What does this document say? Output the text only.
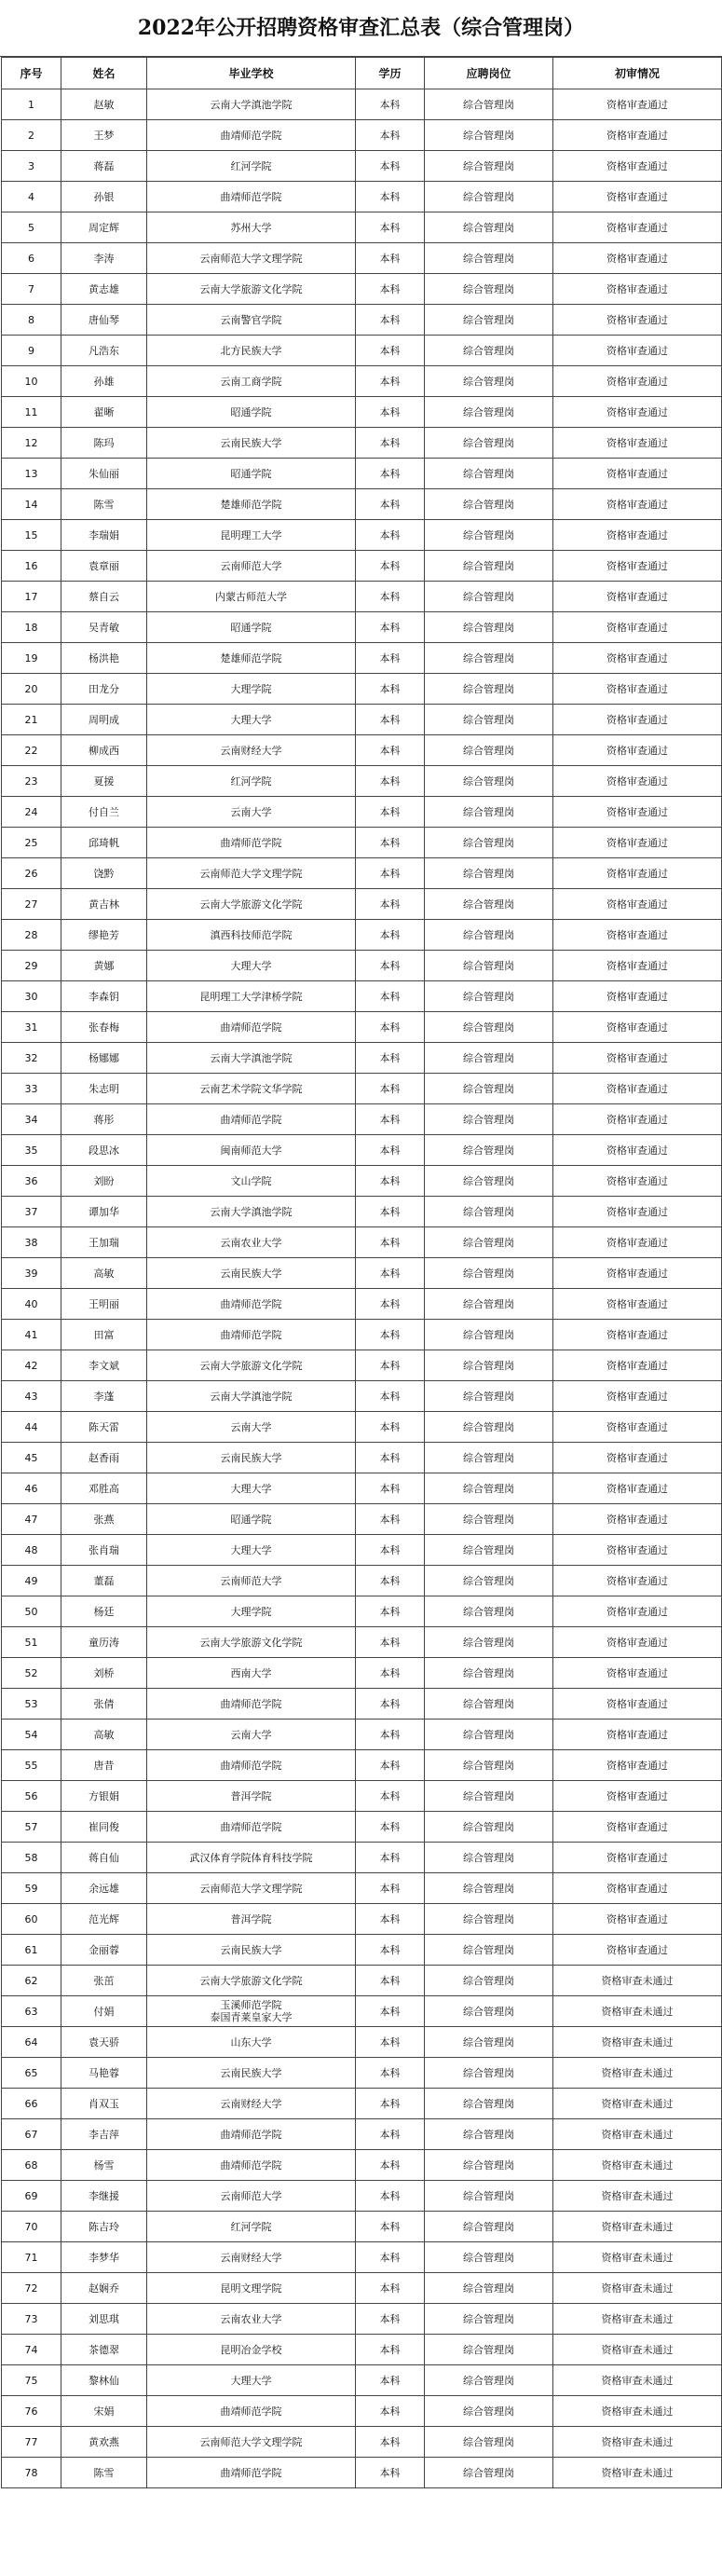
2022年公开招聘资格审查汇总表（综合管理岗）
序号	姓名	毕业学校	学历	应聘岗位	初审情况
1	赵敏	云南大学滇池学院	本科	综合管理岗	资格审查通过
2	王梦	曲靖师范学院	本科	综合管理岗	资格审查通过
3	蒋磊	红河学院	本科	综合管理岗	资格审查通过
4	孙银	曲靖师范学院	本科	综合管理岗	资格审查通过
5	周定辉	苏州大学	本科	综合管理岗	资格审查通过
6	李涛	云南师范大学文理学院	本科	综合管理岗	资格审查通过
7	黄志雄	云南大学旅游文化学院	本科	综合管理岗	资格审查通过
8	唐仙琴	云南警官学院	本科	综合管理岗	资格审查通过
9	凡浩东	北方民族大学	本科	综合管理岗	资格审查通过
10	孙雄	云南工商学院	本科	综合管理岗	资格审查通过
11	翟晰	昭通学院	本科	综合管理岗	资格审查通过
12	陈玛	云南民族大学	本科	综合管理岗	资格审查通过
13	朱仙丽	昭通学院	本科	综合管理岗	资格审查通过
14	陈雪	楚雄师范学院	本科	综合管理岗	资格审查通过
15	李瑞娟	昆明理工大学	本科	综合管理岗	资格审查通过
16	袁章丽	云南师范大学	本科	综合管理岗	资格审查通过
17	蔡自云	内蒙古师范大学	本科	综合管理岗	资格审查通过
18	吴青敏	昭通学院	本科	综合管理岗	资格审查通过
19	杨洪艳	楚雄师范学院	本科	综合管理岗	资格审查通过
20	田龙分	大理学院	本科	综合管理岗	资格审查通过
21	周明成	大理大学	本科	综合管理岗	资格审查通过
22	柳成西	云南财经大学	本科	综合管理岗	资格审查通过
23	夏援	红河学院	本科	综合管理岗	资格审查通过
24	付自兰	云南大学	本科	综合管理岗	资格审查通过
25	邱琦帆	曲靖师范学院	本科	综合管理岗	资格审查通过
26	饶黔	云南师范大学文理学院	本科	综合管理岗	资格审查通过
27	黄吉林	云南大学旅游文化学院	本科	综合管理岗	资格审查通过
28	缪艳芳	滇西科技师范学院	本科	综合管理岗	资格审查通过
29	黄娜	大理大学	本科	综合管理岗	资格审查通过
30	李森钥	昆明理工大学津桥学院	本科	综合管理岗	资格审查通过
31	张春梅	曲靖师范学院	本科	综合管理岗	资格审查通过
32	杨娜娜	云南大学滇池学院	本科	综合管理岗	资格审查通过
33	朱志明	云南艺术学院文华学院	本科	综合管理岗	资格审查通过
34	蒋彤	曲靖师范学院	本科	综合管理岗	资格审查通过
35	段思冰	闽南师范大学	本科	综合管理岗	资格审查通过
36	刘盼	文山学院	本科	综合管理岗	资格审查通过
37	谭加华	云南大学滇池学院	本科	综合管理岗	资格审查通过
38	王加瑞	云南农业大学	本科	综合管理岗	资格审查通过
39	高敏	云南民族大学	本科	综合管理岗	资格审查通过
40	王明丽	曲靖师范学院	本科	综合管理岗	资格审查通过
41	田富	曲靖师范学院	本科	综合管理岗	资格审查通过
42	李文斌	云南大学旅游文化学院	本科	综合管理岗	资格审查通过
43	李蓬	云南大学滇池学院	本科	综合管理岗	资格审查通过
44	陈天雷	云南大学	本科	综合管理岗	资格审查通过
45	赵香雨	云南民族大学	本科	综合管理岗	资格审查通过
46	邓胜高	大理大学	本科	综合管理岗	资格审查通过
47	张燕	昭通学院	本科	综合管理岗	资格审查通过
48	张肖瑞	大理大学	本科	综合管理岗	资格审查通过
49	董磊	云南师范大学	本科	综合管理岗	资格审查通过
50	杨廷	大理学院	本科	综合管理岗	资格审查通过
51	童历涛	云南大学旅游文化学院	本科	综合管理岗	资格审查通过
52	刘桥	西南大学	本科	综合管理岗	资格审查通过
53	张倩	曲靖师范学院	本科	综合管理岗	资格审查通过
54	高敏	云南大学	本科	综合管理岗	资格审查通过
55	唐昔	曲靖师范学院	本科	综合管理岗	资格审查通过
56	方银娟	普洱学院	本科	综合管理岗	资格审查通过
57	崔同俊	曲靖师范学院	本科	综合管理岗	资格审查通过
58	蒋自仙	武汉体育学院体育科技学院	本科	综合管理岗	资格审查通过
59	余远雄	云南师范大学文理学院	本科	综合管理岗	资格审查通过
60	范光辉	普洱学院	本科	综合管理岗	资格审查通过
61	金丽蓉	云南民族大学	本科	综合管理岗	资格审查通过
62	张茁	云南大学旅游文化学院	本科	综合管理岗	资格审查未通过
63	付娟	玉溪师范学院
泰国青莱皇家大学	本科	综合管理岗	资格审查未通过
64	袁天骄	山东大学	本科	综合管理岗	资格审查未通过
65	马艳蓉	云南民族大学	本科	综合管理岗	资格审查未通过
66	肖双玉	云南财经大学	本科	综合管理岗	资格审查未通过
67	李吉萍	曲靖师范学院	本科	综合管理岗	资格审查未通过
68	杨雪	曲靖师范学院	本科	综合管理岗	资格审查未通过
69	李继援	云南师范大学	本科	综合管理岗	资格审查未通过
70	陈吉玲	红河学院	本科	综合管理岗	资格审查未通过
71	李梦华	云南财经大学	本科	综合管理岗	资格审查未通过
72	赵娴乔	昆明文理学院	本科	综合管理岗	资格审查未通过
73	刘思琪	云南农业大学	本科	综合管理岗	资格审查未通过
74	茶德翠	昆明冶金学校	本科	综合管理岗	资格审查未通过
75	黎林仙	大理大学	本科	综合管理岗	资格审查未通过
76	宋娟	曲靖师范学院	本科	综合管理岗	资格审查未通过
77	黄欢燕	云南师范大学文理学院	本科	综合管理岗	资格审查未通过
78	陈雪	曲靖师范学院	本科	综合管理岗	资格审查未通过
